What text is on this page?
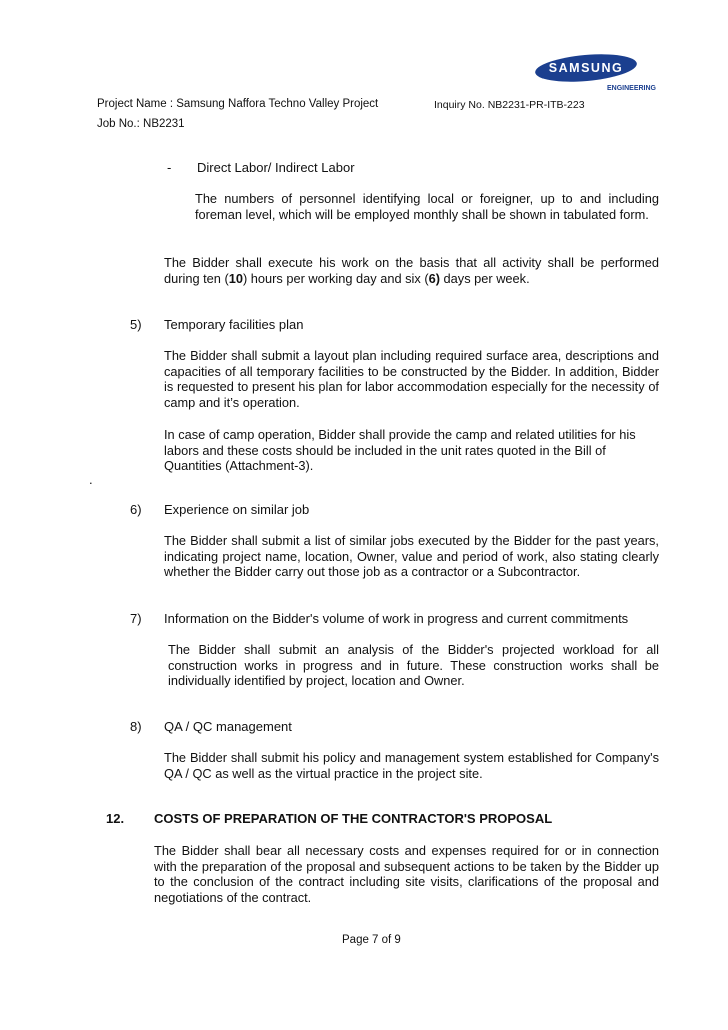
SAMSUNG
ENGINEERING
Project Name : Samsung Naffora Techno Valley Project	Inquiry No. NB2231-PR-ITB-223
Job No.: NB2231
- Direct Labor/ Indirect Labor
The numbers of personnel identifying local or foreigner, up to and including foreman level, which will be employed monthly shall be shown in tabulated form.
The Bidder shall execute his work on the basis that all activity shall be performed during ten (10) hours per working day and six (6) days per week.
5) Temporary facilities plan
The Bidder shall submit a layout plan including required surface area, descriptions and capacities of all temporary facilities to be constructed by the Bidder. In addition, Bidder is requested to present his plan for labor accommodation especially for the necessity of camp and it’s operation.
In case of camp operation, Bidder shall provide the camp and related utilities for his labors and these costs should be included in the unit rates quoted in the Bill of Quantities (Attachment-3).
.
6) Experience on similar job
The Bidder shall submit a list of similar jobs executed by the Bidder for the past years, indicating project name, location, Owner, value and period of work, also stating clearly whether the Bidder carry out those job as a contractor or a Subcontractor.
7) Information on the Bidder's volume of work in progress and current commitments
The Bidder shall submit an analysis of the Bidder's projected workload for all construction works in progress and in future. These construction works shall be individually identified by project, location and Owner.
8) QA / QC management
The Bidder shall submit his policy and management system established for Company's QA / QC as well as the virtual practice in the project site.
12. COSTS OF PREPARATION OF THE CONTRACTOR'S PROPOSAL
The Bidder shall bear all necessary costs and expenses required for or in connection with the preparation of the proposal and subsequent actions to be taken by the Bidder up to the conclusion of the contract including site visits, clarifications of the proposal and negotiations of the contract.
Page 7 of 9
